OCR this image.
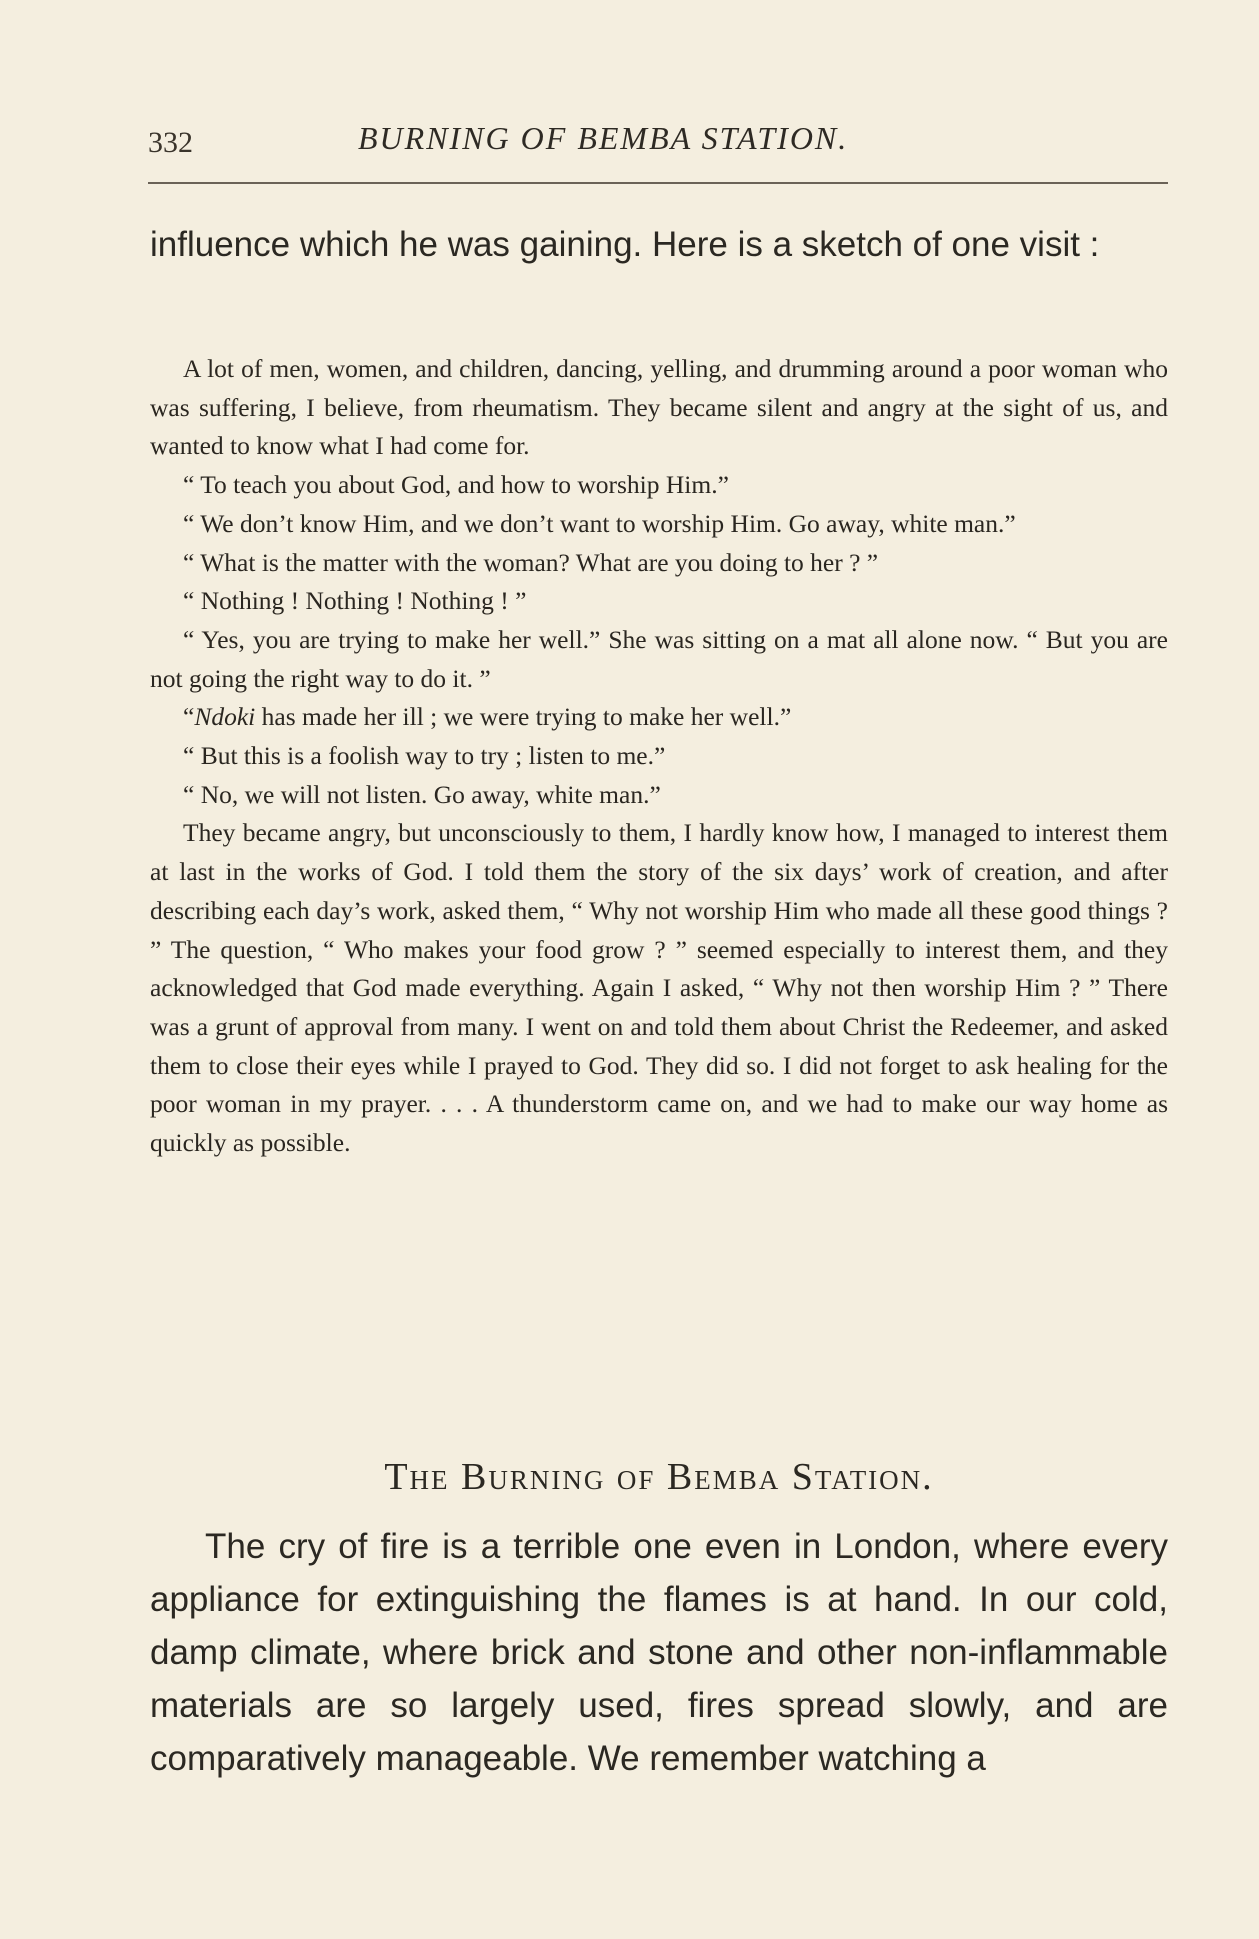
332	BURNING OF BEMBA STATION.
influence which he was gaining. Here is a sketch of one visit :

A lot of men, women, and children, dancing, yelling, and drumming around a poor woman who was suffering, I believe, from rheumatism. They became silent and angry at the sight of us, and wanted to know what I had come for.

“ To teach you about God, and how to worship Him.”

“ We don’t know Him, and we don’t want to worship Him. Go away, white man.”

“ What is the matter with the woman? What are you doing to her ? ”

“ Nothing ! Nothing ! Nothing ! ”

“ Yes, you are trying to make her well.” She was sitting on a mat all alone now. “ But you are not going the right way to do it. ”

“Ndoki has made her ill ; we were trying to make her well.”

“ But this is a foolish way to try ; listen to me.”

“ No, we will not listen. Go away, white man.”

They became angry, but unconsciously to them, I hardly know how, I managed to interest them at last in the works of God. I told them the story of the six days’ work of creation, and after describing each day’s work, asked them, “ Why not worship Him who made all these good things ? ” The question, “ Who makes your food grow ? ” seemed especially to interest them, and they acknowledged that God made everything. Again I asked, “ Why not then worship Him ? ” There was a grunt of approval from many. I went on and told them about Christ the Redeemer, and asked them to close their eyes while I prayed to God. They did so. I did not forget to ask healing for the poor woman in my prayer. . . . A thunderstorm came on, and we had to make our way home as quickly as possible.

The Burning of Bemba Station.
The cry of fire is a terrible one even in London, where every appliance for extinguishing the flames is at hand. In our cold, damp climate, where brick and stone and other non-inflammable materials are so largely used, fires spread slowly, and are comparatively manageable. We remember watching a
